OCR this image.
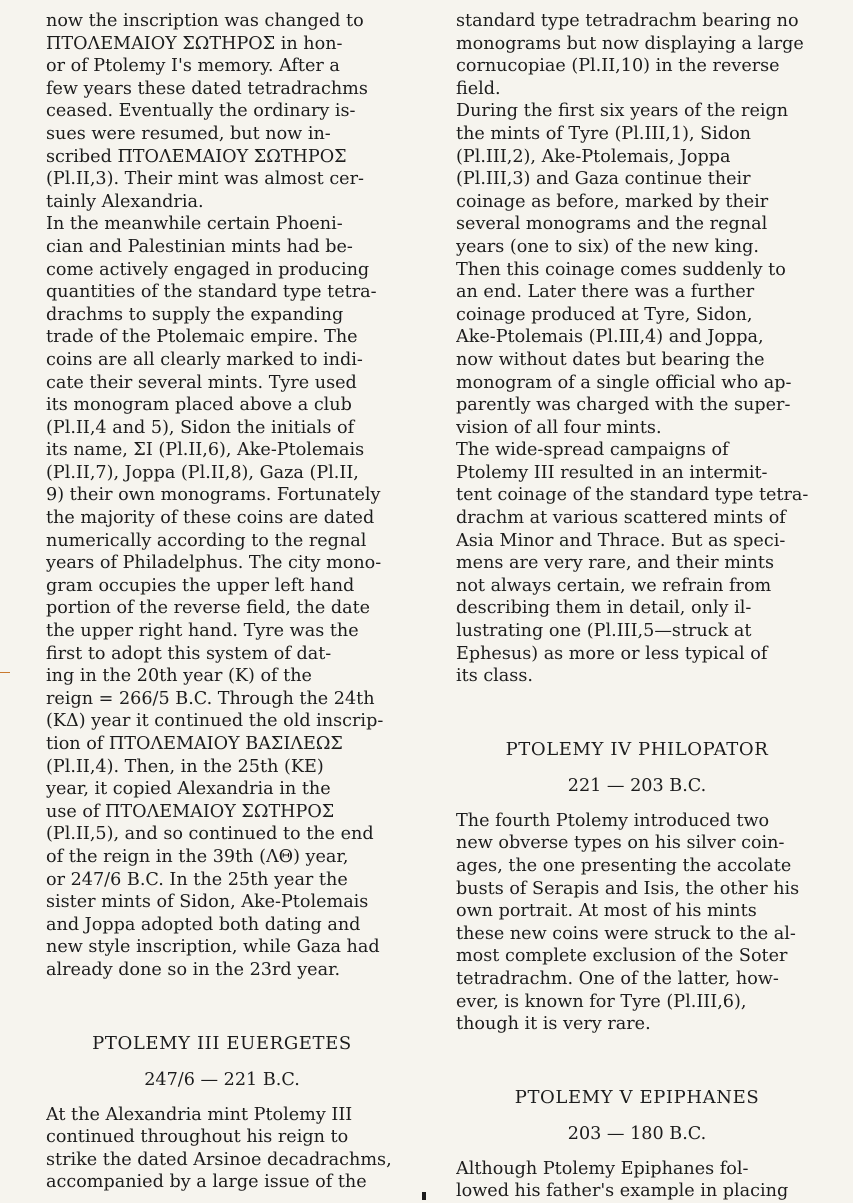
now the inscription was changed to
ΠΤΟΛΕΜΑΙΟΥ ΣΩΤΗΡΟΣ in hon-
or of Ptolemy I's memory. After a
few years these dated tetradrachms
ceased. Eventually the ordinary is-
sues were resumed, but now in-
scribed ΠΤΟΛΕΜΑΙΟΥ ΣΩΤΗΡΟΣ
(Pl.II,3). Their mint was almost cer-
tainly Alexandria.
In the meanwhile certain Phoeni-
cian and Palestinian mints had be-
come actively engaged in producing
quantities of the standard type tetra-
drachms to supply the expanding
trade of the Ptolemaic empire. The
coins are all clearly marked to indi-
cate their several mints. Tyre used
its monogram placed above a club
(Pl.II,4 and 5), Sidon the initials of
its name, ΣΙ (Pl.II,6), Ake-Ptolemais
(Pl.II,7), Joppa (Pl.II,8), Gaza (Pl.II,
9) their own monograms. Fortunately
the majority of these coins are dated
numerically according to the regnal
years of Philadelphus. The city mono-
gram occupies the upper left hand
portion of the reverse field, the date
the upper right hand. Tyre was the
first to adopt this system of dat-
ing in the 20th year (K) of the
reign = 266/5 B.C. Through the 24th
(ΚΔ) year it continued the old inscrip-
tion of ΠΤΟΛΕΜΑΙΟΥ ΒΑΣΙΛΕΩΣ
(Pl.II,4). Then, in the 25th (KE)
year, it copied Alexandria in the
use of ΠΤΟΛΕΜΑΙΟΥ ΣΩΤΗΡΟΣ
(Pl.II,5), and so continued to the end
of the reign in the 39th (ΛΘ) year,
or 247/6 B.C. In the 25th year the
sister mints of Sidon, Ake-Ptolemais
and Joppa adopted both dating and
new style inscription, while Gaza had
already done so in the 23rd year.
PTOLEMY III EUERGETES
247/6 — 221 B.C.
At the Alexandria mint Ptolemy III
continued throughout his reign to
strike the dated Arsinoe decadrachms,
accompanied by a large issue of the
standard type tetradrachm bearing no
monograms but now displaying a large
cornucopiae (Pl.II,10) in the reverse
field.
During the first six years of the reign
the mints of Tyre (Pl.III,1), Sidon
(Pl.III,2), Ake-Ptolemais, Joppa
(Pl.III,3) and Gaza continue their
coinage as before, marked by their
several monograms and the regnal
years (one to six) of the new king.
Then this coinage comes suddenly to
an end. Later there was a further
coinage produced at Tyre, Sidon,
Ake-Ptolemais (Pl.III,4) and Joppa,
now without dates but bearing the
monogram of a single official who ap-
parently was charged with the super-
vision of all four mints.
The wide-spread campaigns of
Ptolemy III resulted in an intermit-
tent coinage of the standard type tetra-
drachm at various scattered mints of
Asia Minor and Thrace. But as speci-
mens are very rare, and their mints
not always certain, we refrain from
describing them in detail, only il-
lustrating one (Pl.III,5—struck at
Ephesus) as more or less typical of
its class.
PTOLEMY IV PHILOPATOR
221 — 203 B.C.
The fourth Ptolemy introduced two
new obverse types on his silver coin-
ages, the one presenting the accolate
busts of Serapis and Isis, the other his
own portrait. At most of his mints
these new coins were struck to the al-
most complete exclusion of the Soter
tetradrachm. One of the latter, how-
ever, is known for Tyre (Pl.III,6),
though it is very rare.
PTOLEMY V EPIPHANES
203 — 180 B.C.
Although Ptolemy Epiphanes fol-
lowed his father's example in placing
